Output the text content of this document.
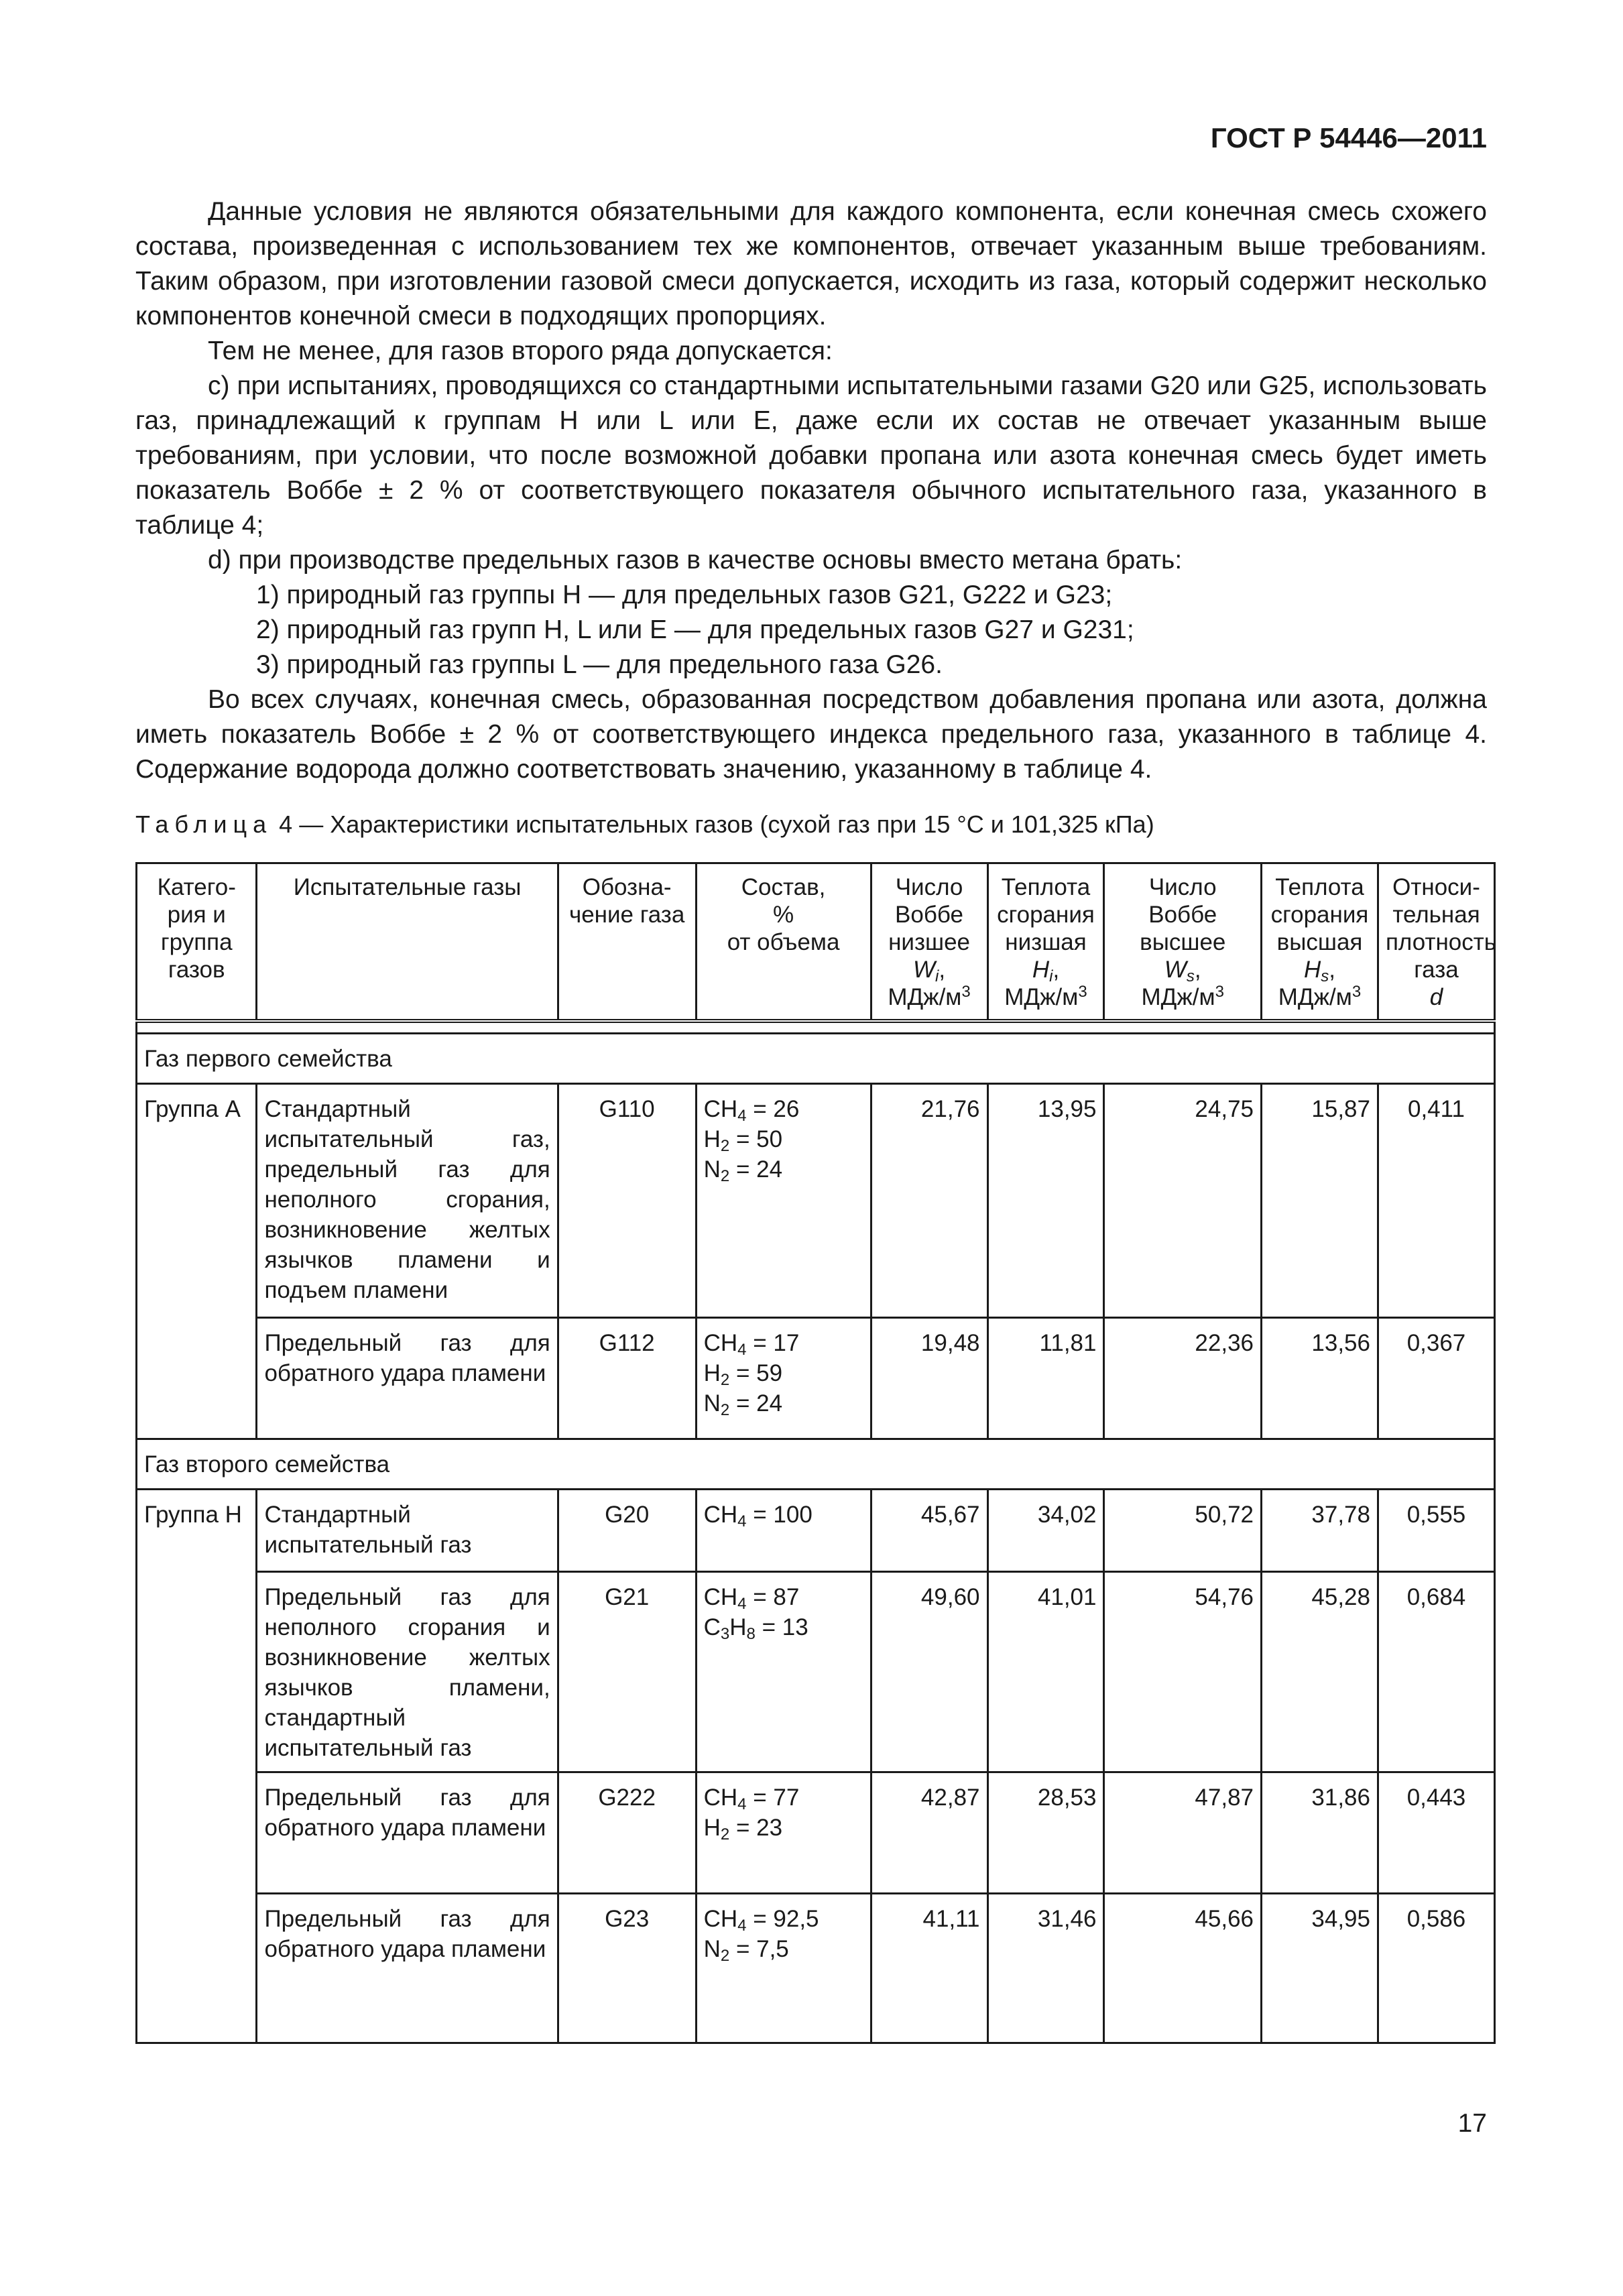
ГОСТ Р 54446—2011

Данные условия не являются обязательными для каждого компонента, если конечная смесь схожего состава, произведенная с использованием тех же компонентов, отвечает указанным выше требованиям. Таким образом, при изготовлении газовой смеси допускается, исходить из газа, который содержит несколько компонентов конечной смеси в подходящих пропорциях.

Тем не менее, для газов второго ряда допускается:

c) при испытаниях, проводящихся со стандартными испытательными газами G20 или G25, использовать газ, принадлежащий к группам H или L или E, даже если их состав не отвечает указанным выше требованиям, при условии, что после возможной добавки пропана или азота конечная смесь будет иметь показатель Воббе ± 2 % от соответствующего показателя обычного испытательного газа, указанного в таблице 4;

d) при производстве предельных газов в качестве основы вместо метана брать:

1) природный газ группы H — для предельных газов G21, G222 и G23;

2) природный газ групп H, L или E — для предельных газов G27 и G231;

3) природный газ группы L — для предельного газа G26.

Во всех случаях, конечная смесь, образованная посредством добавления пропана или азота, должна иметь показатель Воббе ± 2 % от соответствующего индекса предельного газа, указанного в таблице 4. Содержание водорода должно соответствовать значению, указанному в таблице 4.

Таблица 4 — Характеристики испытательных газов (сухой газ при 15 °С и 101,325 кПа)
Катего-рия и группа газов	Испытательные газы	Обозна-чение газа	Состав,
%
от объема	Число Воббе низшее
$W_i$,
МДж/$м^3$	Теплота сгорания низшая
$H_i$,
МДж/$м^3$	Число Воббе высшее
$W_s$,
МДж/$м^3$	Теплота сгорания высшая
$H_s$,
МДж/$м^3$	Относи-тельная плотность газа
d

Газ первого семейства								
Группа А	Стандартный испытательный газ, предельный газ для неполного сгорания, возникновение желтых язычков пламени и подъем пламени	G110	$CH_4 = 26$
$H_2 = 50$
$N_2 = 24$	21,76	13,95	24,75	15,87	0,411
	Предельный газ для обратного удара пламени	G112	$CH_4 = 17$
$H_2 = 59$
$N_2 = 24$	19,48	11,81	22,36	13,56	0,367
Газ второго семейства								
Группа H	Стандартный испытательный газ	G20	$CH_4 = 100$	45,67	34,02	50,72	37,78	0,555
	Предельный газ для неполного сгорания и возникновение желтых язычков пламени, стандартный испытательный газ	G21	$CH_4 = 87$
$C_3H_8 = 13$	49,60	41,01	54,76	45,28	0,684
	Предельный газ для обратного удара пламени	G222	$CH_4 = 77$
$H_2 = 23$	42,87	28,53	47,87	31,86	0,443
	Предельный газ для обратного удара пламени	G23	$CH_4 = 92,5$
$N_2 = 7,5$	41,11	31,46	45,66	34,95	0,586
17
